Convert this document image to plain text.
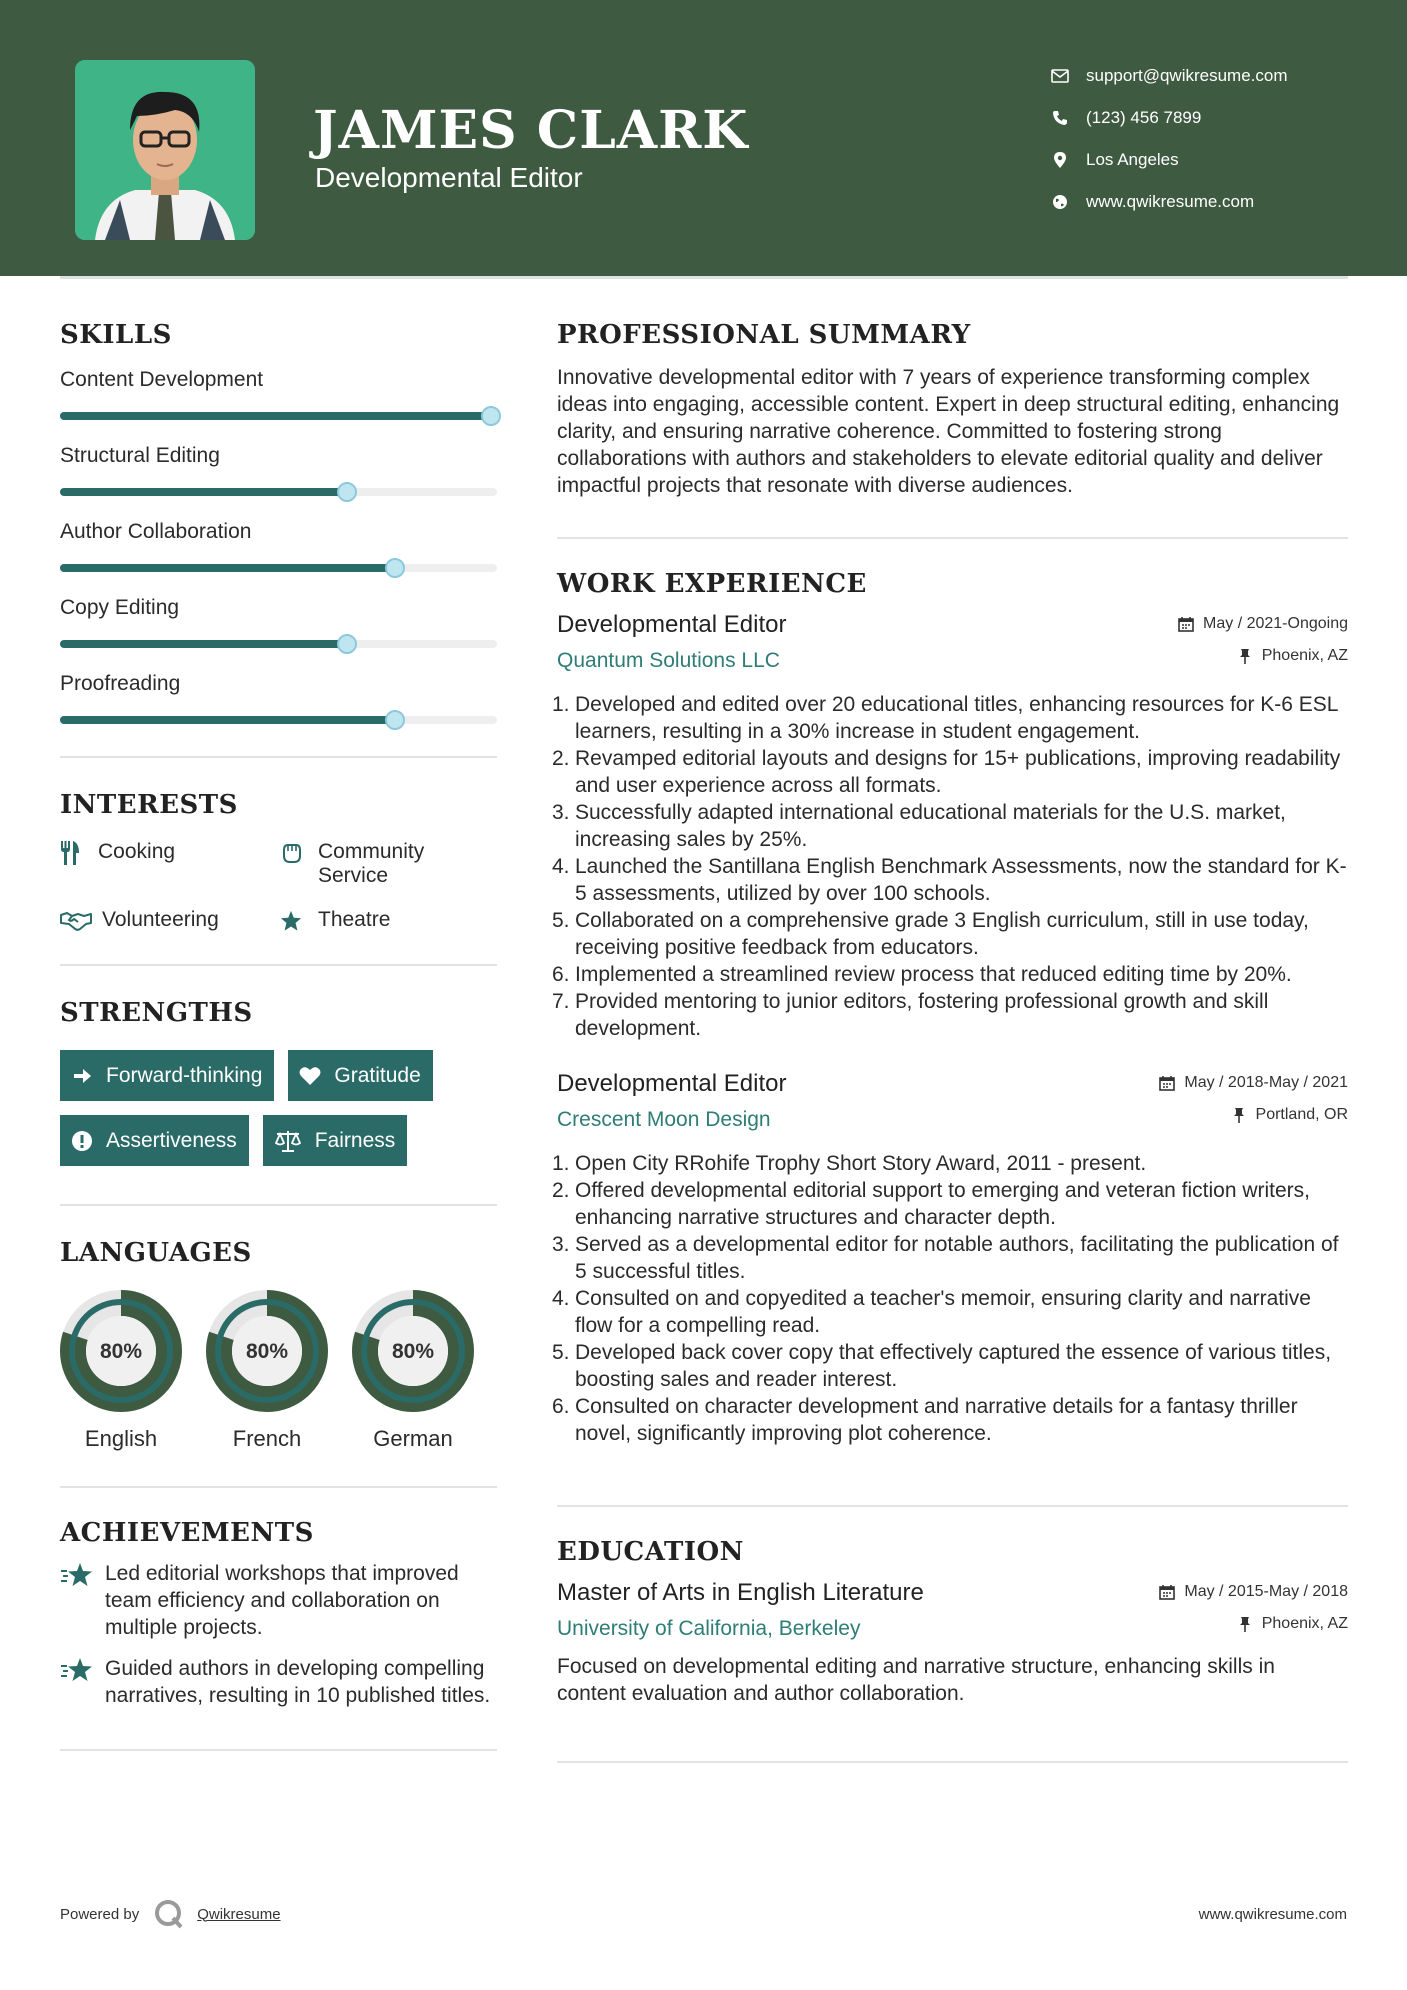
JAMES CLARK
Developmental Editor
support@qwikresume.com
(123) 456 7899
Los Angeles
www.qwikresume.com
SKILLS
Content Development
Structural Editing
Author Collaboration
Copy Editing
Proofreading
INTERESTS
Cooking	Community Service
Volunteering	Theatre
STRENGTHS
Forward-thinking	Gratitude
Assertiveness	Fairness
LANGUAGES
80%
English
80%
French
80%
German
ACHIEVEMENTS
Led editorial workshops that improved team efficiency and collaboration on multiple projects.
Guided authors in developing compelling narratives, resulting in 10 published titles.
PROFESSIONAL SUMMARY
Innovative developmental editor with 7 years of experience transforming complex ideas into engaging, accessible content. Expert in deep structural editing, enhancing clarity, and ensuring narrative coherence. Committed to fostering strong collaborations with authors and stakeholders to elevate editorial quality and deliver impactful projects that resonate with diverse audiences.
WORK EXPERIENCE
Developmental Editor
Quantum Solutions LLC
May / 2021-Ongoing
Phoenix, AZ
1. Developed and edited over 20 educational titles, enhancing resources for K-6 ESL learners, resulting in a 30% increase in student engagement.
2. Revamped editorial layouts and designs for 15+ publications, improving readability and user experience across all formats.
3. Successfully adapted international educational materials for the U.S. market, increasing sales by 25%.
4. Launched the Santillana English Benchmark Assessments, now the standard for K-5 assessments, utilized by over 100 schools.
5. Collaborated on a comprehensive grade 3 English curriculum, still in use today, receiving positive feedback from educators.
6. Implemented a streamlined review process that reduced editing time by 20%.
7. Provided mentoring to junior editors, fostering professional growth and skill development.
Developmental Editor
Crescent Moon Design
May / 2018-May / 2021
Portland, OR
1. Open City RRohife Trophy Short Story Award, 2011 - present.
2. Offered developmental editorial support to emerging and veteran fiction writers, enhancing narrative structures and character depth.
3. Served as a developmental editor for notable authors, facilitating the publication of 5 successful titles.
4. Consulted on and copyedited a teacher's memoir, ensuring clarity and narrative flow for a compelling read.
5. Developed back cover copy that effectively captured the essence of various titles, boosting sales and reader interest.
6. Consulted on character development and narrative details for a fantasy thriller novel, significantly improving plot coherence.
EDUCATION
Master of Arts in English Literature
University of California, Berkeley
May / 2015-May / 2018
Phoenix, AZ
Focused on developmental editing and narrative structure, enhancing skills in content evaluation and author collaboration.
Powered by	Qwikresume	www.qwikresume.com
